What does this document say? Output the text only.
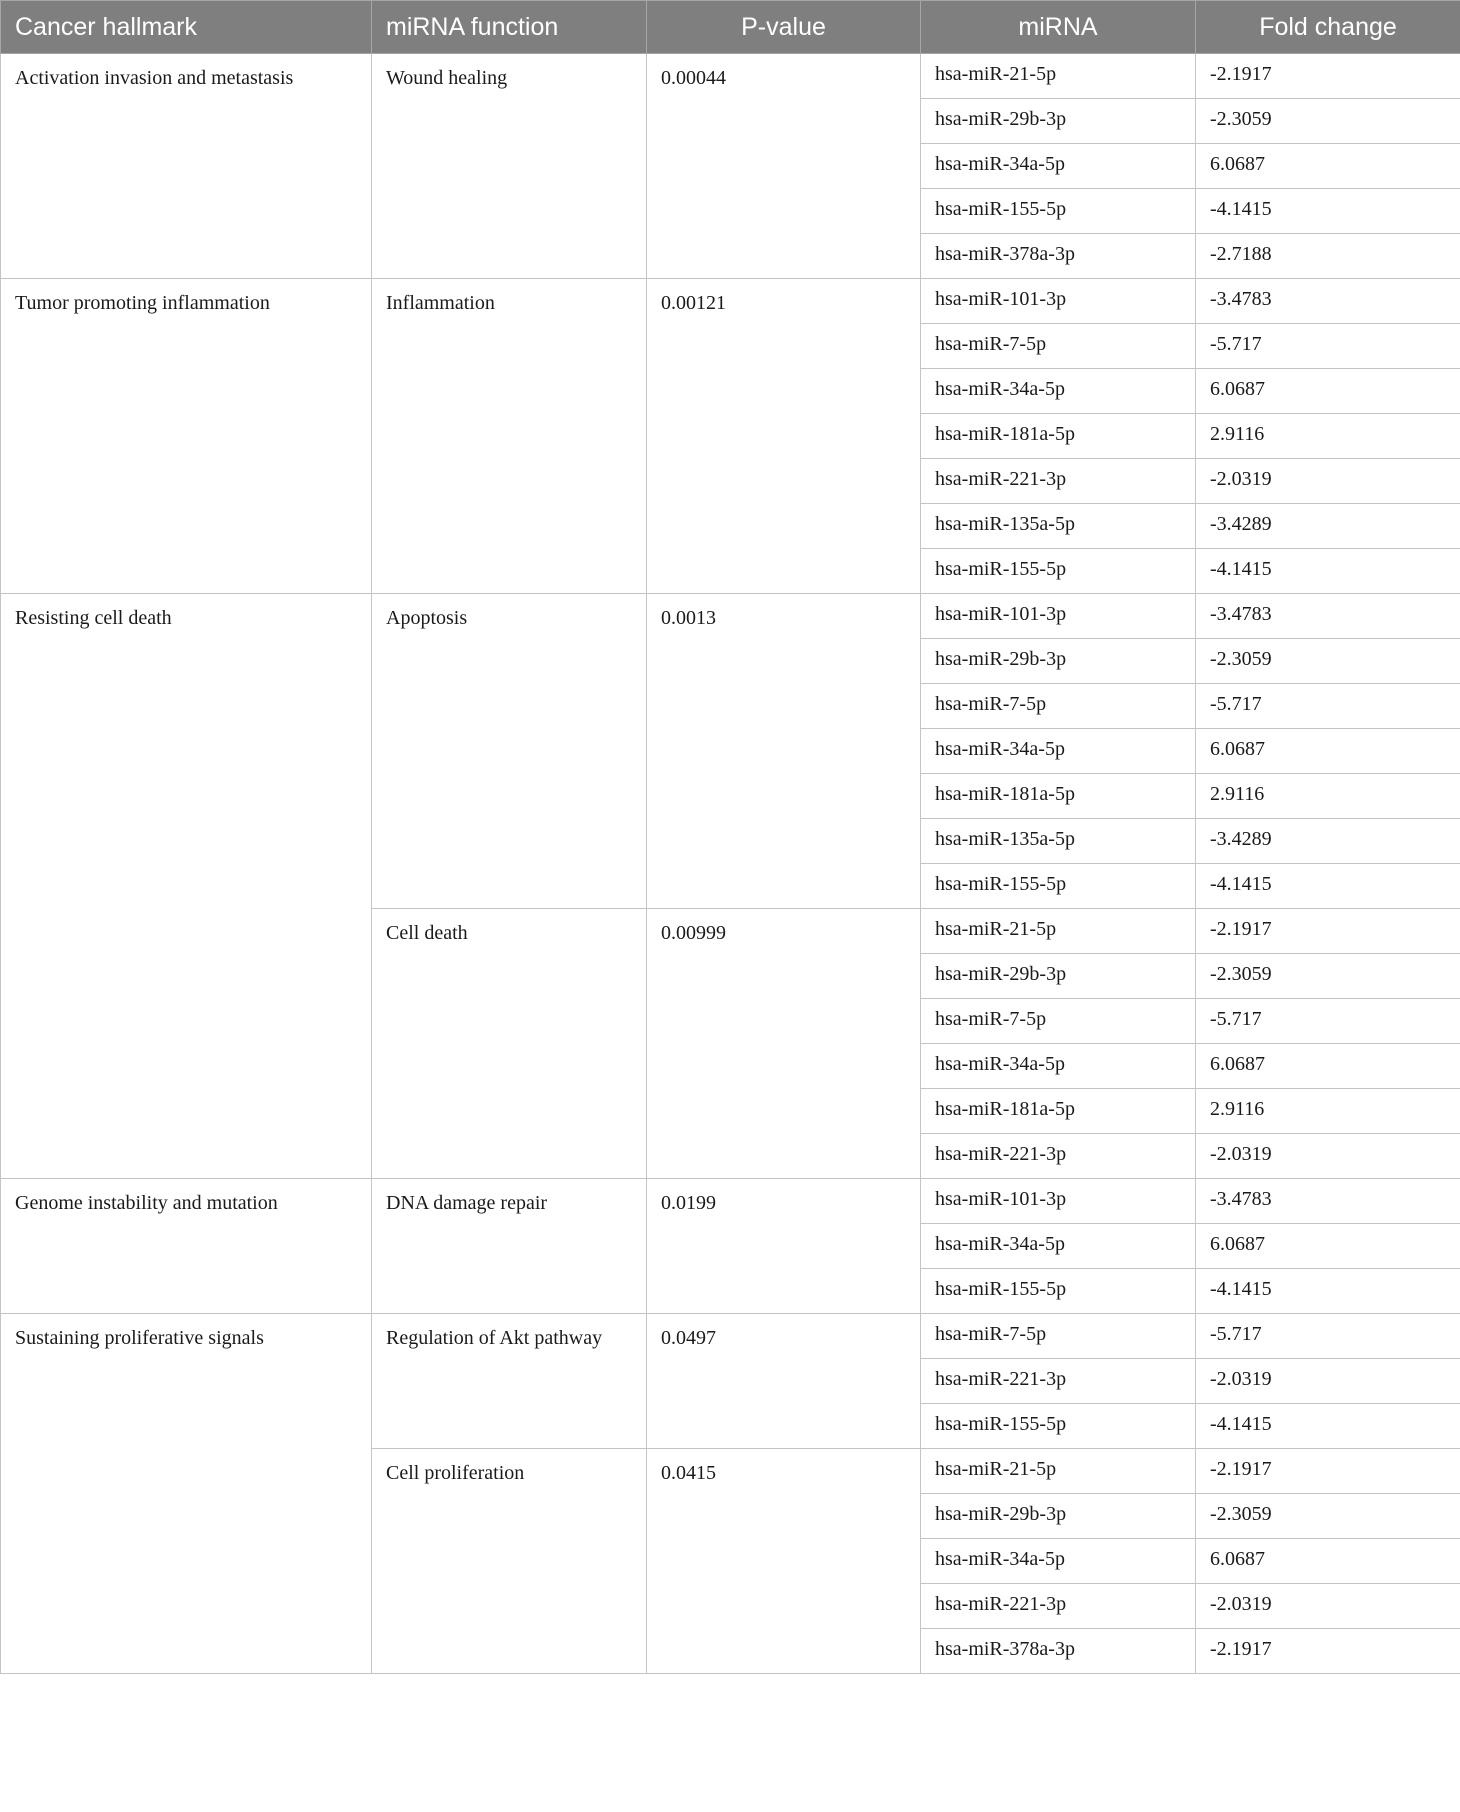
Cancer hallmark	miRNA function	P-value	miRNA	Fold change
Activation invasion and metastasis	Wound healing	0.00044	hsa-miR-21-5p	-2.1917
			hsa-miR-29b-3p	-2.3059
			hsa-miR-34a-5p	6.0687
			hsa-miR-155-5p	-4.1415
			hsa-miR-378a-3p	-2.7188
Tumor promoting inflammation	Inflammation	0.00121	hsa-miR-101-3p	-3.4783
			hsa-miR-7-5p	-5.717
			hsa-miR-34a-5p	6.0687
			hsa-miR-181a-5p	2.9116
			hsa-miR-221-3p	-2.0319
			hsa-miR-135a-5p	-3.4289
			hsa-miR-155-5p	-4.1415
Resisting cell death	Apoptosis	0.0013	hsa-miR-101-3p	-3.4783
			hsa-miR-29b-3p	-2.3059
			hsa-miR-7-5p	-5.717
			hsa-miR-34a-5p	6.0687
			hsa-miR-181a-5p	2.9116
			hsa-miR-135a-5p	-3.4289
			hsa-miR-155-5p	-4.1415
	Cell death	0.00999	hsa-miR-21-5p	-2.1917
			hsa-miR-29b-3p	-2.3059
			hsa-miR-7-5p	-5.717
			hsa-miR-34a-5p	6.0687
			hsa-miR-181a-5p	2.9116
			hsa-miR-221-3p	-2.0319
Genome instability and mutation	DNA damage repair	0.0199	hsa-miR-101-3p	-3.4783
			hsa-miR-34a-5p	6.0687
			hsa-miR-155-5p	-4.1415
Sustaining proliferative signals	Regulation of Akt pathway	0.0497	hsa-miR-7-5p	-5.717
			hsa-miR-221-3p	-2.0319
			hsa-miR-155-5p	-4.1415
	Cell proliferation	0.0415	hsa-miR-21-5p	-2.1917
			hsa-miR-29b-3p	-2.3059
			hsa-miR-34a-5p	6.0687
			hsa-miR-221-3p	-2.0319
			hsa-miR-378a-3p	-2.1917
